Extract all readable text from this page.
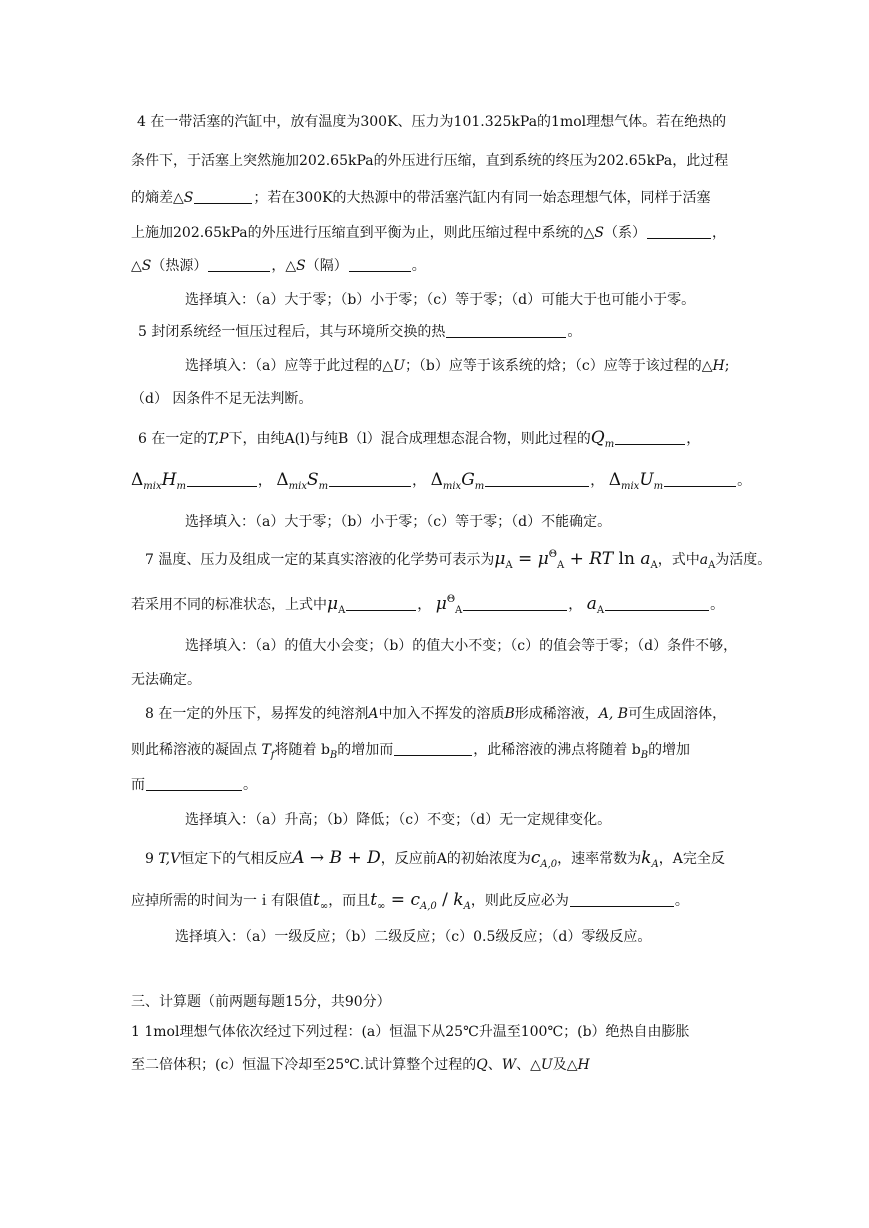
4 在一带活塞的汽缸中，放有温度为300K、压力为101.325kPa的1mol理想气体。若在绝热的
条件下，于活塞上突然施加202.65kPa的外压进行压缩，直到系统的终压为202.65kPa，此过程
的熵差△S	；若在300K的大热源中的带活塞汽缸内有同一始态理想气体，同样于活塞
上施加202.65kPa的外压进行压缩直到平衡为止，则此压缩过程中系统的△S（系）	，
△S（热源）	，△S（隔）	。
选择填入：（a）大于零；（b）小于零；（c）等于零；（d）可能大于也可能小于零。
5 封闭系统经一恒压过程后，其与环境所交换的热	。
选择填入：（a）应等于此过程的△U；（b）应等于该系统的焓；（c）应等于该过程的△H;
（d） 因条件不足无法判断。
6 在一定的T,P下，由纯A(l)与纯B（l）混合成理想态混合物，则此过程的$Q_m$	，
$\Delta_{mix}H_m$	， $\Delta_{mix}S_m$	， $\Delta_{mix}G_m$	， $\Delta_{mix}U_m$	。
选择填入：（a）大于零；（b）小于零；（c）等于零；（d）不能确定。
7 温度、压力及组成一定的某真实溶液的化学势可表示为$\mu_A = \mu^\Theta_A$ + RT $\ln a_A$，式中$a_A$为活度。
若采用不同的标准状态，上式中$\mu_A$	， $\mu^\Theta_A$	， $a_A$	。
选择填入：（a）的值大小会变；（b）的值大小不变；（c）的值会等于零；（d）条件不够，
无法确定。
8 在一定的外压下，易挥发的纯溶剂A中加入不挥发的溶质B形成稀溶液，A, B可生成固溶体，
则此稀溶液的凝固点 $T_f$将随着 $b_B$的增加而	，此稀溶液的沸点将随着 $b_B$的增加
而	。
选择填入：（a）升高；（b）降低；（c）不变；（d）无一定规律变化。
9 T,V恒定下的气相反应A → B + D，反应前A的初始浓度为$c_{A,0}$，速率常数为$k_A$，A完全反
应掉所需的时间为一ｉ有限值$t_\infty$，而且$t_\infty = c_{A,0} / k_A$，则此反应必为	。
选择填入：（a）一级反应；（b）二级反应；（c）0.5级反应；（d）零级反应。
三、计算题（前两题每题15分，共90分）
1 1mol理想气体依次经过下列过程：(a）恒温下从25℃升温至100℃；(b）绝热自由膨胀
至二倍体积；(c）恒温下冷却至25℃.试计算整个过程的Q、W、△U及△H
